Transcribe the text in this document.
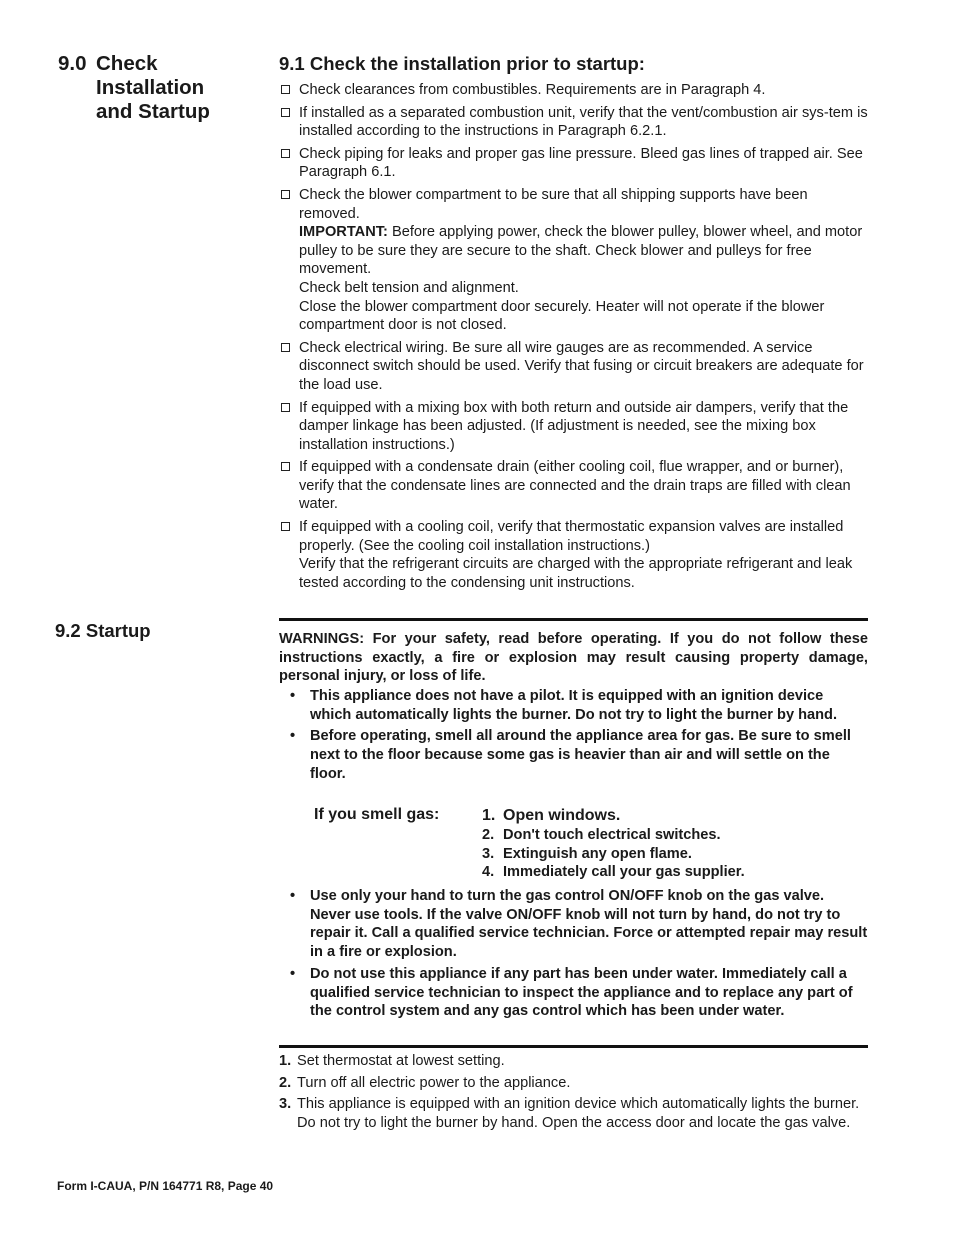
9.0 Check
Installation
and Startup
9.1 Check the installation prior to startup:
Check clearances from combustibles. Requirements are in Paragraph 4.
If installed as a separated combustion unit, verify that the vent/combustion air sys-tem is installed according to the instructions in Paragraph 6.2.1.
Check piping for leaks and proper gas line pressure. Bleed gas lines of trapped air. See Paragraph 6.1.
Check the blower compartment to be sure that all shipping supports have been removed.
IMPORTANT: Before applying power, check the blower pulley, blower wheel, and motor pulley to be sure they are secure to the shaft. Check blower and pulleys for free movement.
Check belt tension and alignment.
Close the blower compartment door securely. Heater will not operate if the blower compartment door is not closed.
Check electrical wiring. Be sure all wire gauges are as recommended. A service disconnect switch should be used. Verify that fusing or circuit breakers are adequate for the load use.
If equipped with a mixing box with both return and outside air dampers, verify that the damper linkage has been adjusted. (If adjustment is needed, see the mixing box installation instructions.)
If equipped with a condensate drain (either cooling coil, flue wrapper, and or burner), verify that the condensate lines are connected and the drain traps are filled with clean water.
If equipped with a cooling coil, verify that thermostatic expansion valves are installed properly. (See the cooling coil installation instructions.)
Verify that the refrigerant circuits are charged with the appropriate refrigerant and leak tested according to the condensing unit instructions.
9.2 Startup	WARNINGS: For your safety, read before operating. If you do not follow these instructions exactly, a fire or explosion may result causing property damage, personal injury, or loss of life.
• This appliance does not have a pilot. It is equipped with an ignition device which automatically lights the burner. Do not try to light the burner by hand.
• Before operating, smell all around the appliance area for gas. Be sure to smell next to the floor because some gas is heavier than air and will settle on the floor.
If you smell gas:	1. Open windows.
2. Don't touch electrical switches.
3. Extinguish any open flame.
4. Immediately call your gas supplier.
• Use only your hand to turn the gas control ON/OFF knob on the gas valve. Never use tools. If the valve ON/OFF knob will not turn by hand, do not try to repair it. Call a qualified service technician. Force or attempted repair may result in a fire or explosion.
• Do not use this appliance if any part has been under water. Immediately call a qualified service technician to inspect the appliance and to replace any part of the control system and any gas control which has been under water.
1. Set thermostat at lowest setting.
2. Turn off all electric power to the appliance.
3. This appliance is equipped with an ignition device which automatically lights the burner. Do not try to light the burner by hand. Open the access door and locate the gas valve.
Form I-CAUA, P/N 164771 R8, Page 40
